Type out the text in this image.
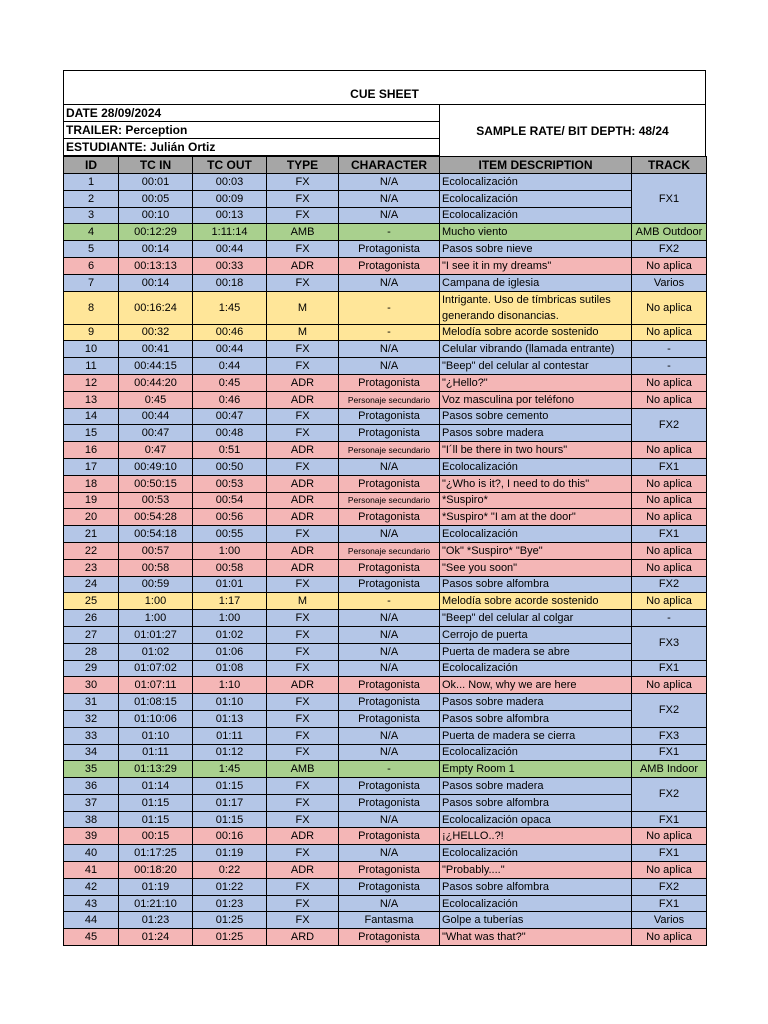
CUE SHEET
DATE 28/09/2024
TRAILER: Perception
ESTUDIANTE: Julián Ortiz
SAMPLE RATE/ BIT DEPTH: 48/24
ID	TC IN	TC OUT	TYPE	CHARACTER	ITEM DESCRIPTION	TRACK
1	00:01	00:03	FX	N/A	Ecolocalización	FX1
2	00:05	00:09	FX	N/A	Ecolocalización	
3	00:10	00:13	FX	N/A	Ecolocalización	
4	00:12:29	1:11:14	AMB	-	Mucho viento	AMB Outdoor
5	00:14	00:44	FX	Protagonista	Pasos sobre nieve	FX2
6	00:13:13	00:33	ADR	Protagonista	"I see it in my dreams"	No aplica
7	00:14	00:18	FX	N/A	Campana de iglesia	Varios
8	00:16:24	1:45	M	-	Intrigante. Uso de tímbricas sutiles generando disonancias.	No aplica
9	00:32	00:46	M	-	Melodía sobre acorde sostenido	No aplica
10	00:41	00:44	FX	N/A	Celular vibrando (llamada entrante)	-
11	00:44:15	0:44	FX	N/A	"Beep" del celular al contestar	-
12	00:44:20	0:45	ADR	Protagonista	"¿Hello?"	No aplica
13	0:45	0:46	ADR	Personaje secundario	Voz masculina por teléfono	No aplica
14	00:44	00:47	FX	Protagonista	Pasos sobre cemento	FX2
15	00:47	00:48	FX	Protagonista	Pasos sobre madera	
16	0:47	0:51	ADR	Personaje secundario	"I´ll be there in two hours"	No aplica
17	00:49:10	00:50	FX	N/A	Ecolocalización	FX1
18	00:50:15	00:53	ADR	Protagonista	"¿Who is it?, I need to do this"	No aplica
19	00:53	00:54	ADR	Personaje secundario	*Suspiro*	No aplica
20	00:54:28	00:56	ADR	Protagonista	*Suspiro* "I am at the door"	No aplica
21	00:54:18	00:55	FX	N/A	Ecolocalización	FX1
22	00:57	1:00	ADR	Personaje secundario	"Ok" *Suspiro* "Bye"	No aplica
23	00:58	00:58	ADR	Protagonista	"See you soon"	No aplica
24	00:59	01:01	FX	Protagonista	Pasos sobre alfombra	FX2
25	1:00	1:17	M	-	Melodía sobre acorde sostenido	No aplica
26	1:00	1:00	FX	N/A	"Beep" del celular al colgar	-
27	01:01:27	01:02	FX	N/A	Cerrojo de puerta	FX3
28	01:02	01:06	FX	N/A	Puerta de madera se abre	
29	01:07:02	01:08	FX	N/A	Ecolocalización	FX1
30	01:07:11	1:10	ADR	Protagonista	Ok... Now, why we are here	No aplica
31	01:08:15	01:10	FX	Protagonista	Pasos sobre madera	FX2
32	01:10:06	01:13	FX	Protagonista	Pasos sobre alfombra	
33	01:10	01:11	FX	N/A	Puerta de madera se cierra	FX3
34	01:11	01:12	FX	N/A	Ecolocalización	FX1
35	01:13:29	1:45	AMB	-	Empty Room 1	AMB Indoor
36	01:14	01:15	FX	Protagonista	Pasos sobre madera	FX2
37	01:15	01:17	FX	Protagonista	Pasos sobre alfombra	
38	01:15	01:15	FX	N/A	Ecolocalización opaca	FX1
39	00:15	00:16	ADR	Protagonista	¡¿HELLO..?!	No aplica
40	01:17:25	01:19	FX	N/A	Ecolocalización	FX1
41	00:18:20	0:22	ADR	Protagonista	"Probably...."	No aplica
42	01:19	01:22	FX	Protagonista	Pasos sobre alfombra	FX2
43	01:21:10	01:23	FX	N/A	Ecolocalización	FX1
44	01:23	01:25	FX	Fantasma	Golpe a tuberías	Varios
45	01:24	01:25	ARD	Protagonista	"What was that?"	No aplica
